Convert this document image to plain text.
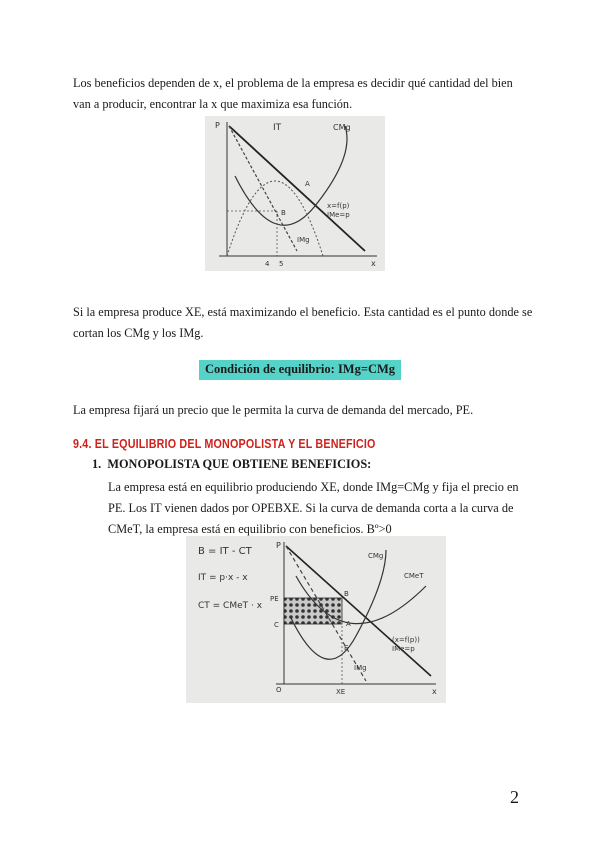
Los beneficios dependen de x, el problema de la empresa es decidir qué cantidad del bien van a producir, encontrar la x que maximiza esa función.

P
x
IT	CMg
x=f(p)
IMe=p
IMg
A
B
4 5

Si la empresa produce XE, está maximizando el beneficio. Esta cantidad es el punto donde se cortan los CMg y los IMg.

Condición de equilibrio: IMg=CMg

La empresa fijará un precio que le permita la curva de demanda del mercado, PE.

9.4. EL EQUILIBRIO DEL MONOPOLISTA Y EL BENEFICIO

1. MONOPOLISTA QUE OBTIENE BENEFICIOS:

La empresa está en equilibrio produciendo XE, donde IMg=CMg y fija el precio en PE. Los IT vienen dados por OPEBXE. Si la curva de demanda corta a la curva de CMeT, la empresa está en equilibrio con beneficios. Bº>0

B = IT - CT
IT = p·x - x
CT = CMeT · x
P
x
O
PE
C
XE
B
A
E
CMg
CMeT
(x=f(p))
IMe=p
IMg
2
